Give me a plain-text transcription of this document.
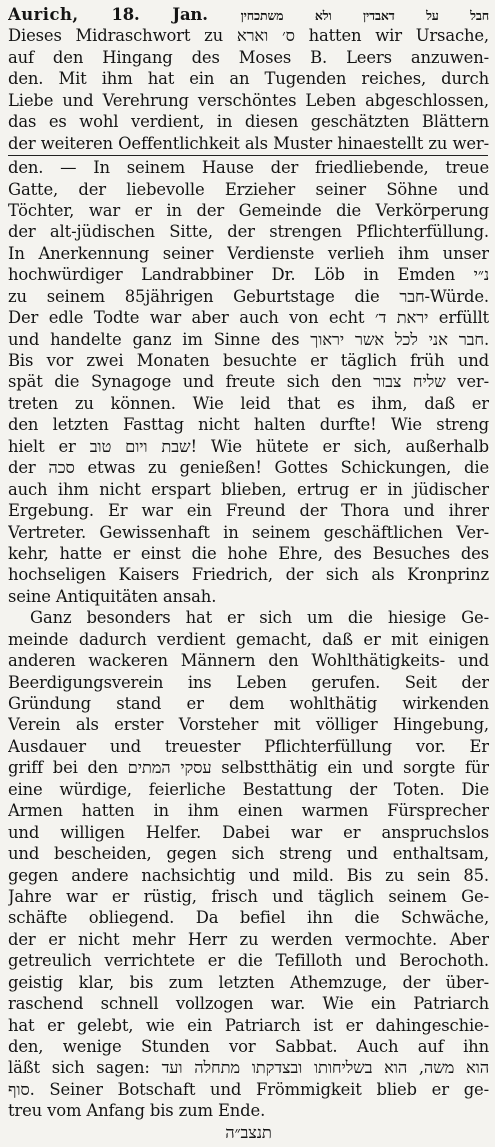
Aurich, 18. Jan.	חבל על דאבדין ולא משתכחין
Dieses Midraschwort zu ס׳ וארא hatten wir Ursache,
auf den Hingang des Moses B. Leers anzuwen-
den. Mit ihm hat ein an Tugenden reiches, durch
Liebe und Verehrung verschöntes Leben abgeschlossen,
das es wohl verdient, in diesen geschätzten Blättern
der weiteren Oeffentlichkeit als Muster hinaestellt zu wer-
den. — In seinem Hause der friedliebende, treue
Gatte, der liebevolle Erzieher seiner Söhne und
Töchter, war er in der Gemeinde die Verkörperung
der alt-jüdischen Sitte, der strengen Pflichterfüllung.
In Anerkennung seiner Verdienste verlieh ihm unser
hochwürdiger Landrabbiner Dr. Löb in Emden נ״י
zu seinem 85jährigen Geburtstage die חבר-Würde.
Der edle Todte war aber auch von echt יראת ד׳ erfüllt
und handelte ganz im Sinne des חבר אני לכל אשר יראוך.
Bis vor zwei Monaten besuchte er täglich früh und
spät die Synagoge und freute sich den שליח צבור ver-
treten zu können. Wie leid that es ihm, daß er
den letzten Fasttag nicht halten durfte! Wie streng
hielt er שבת ויום טוב! Wie hütete er sich, außerhalb
der סכה etwas zu genießen! Gottes Schickungen, die
auch ihm nicht erspart blieben, ertrug er in jüdischer
Ergebung. Er war ein Freund der Thora und ihrer
Vertreter. Gewissenhaft in seinem geschäftlichen Ver-
kehr, hatte er einst die hohe Ehre, des Besuches des
hochseligen Kaisers Friedrich, der sich als Kronprinz
seine Antiquitäten ansah.
Ganz besonders hat er sich um die hiesige Ge-
meinde dadurch verdient gemacht, daß er mit einigen
anderen wackeren Männern den Wohlthätigkeits- und
Beerdigungsverein ins Leben gerufen. Seit der
Gründung stand er dem wohlthätig wirkenden
Verein als erster Vorsteher mit völliger Hingebung,
Ausdauer und treuester Pflichterfüllung vor. Er
griff bei den עסקי המתים selbstthätig ein und sorgte für
eine würdige, feierliche Bestattung der Toten. Die
Armen hatten in ihm einen warmen Fürsprecher
und willigen Helfer. Dabei war er anspruchslos
und bescheiden, gegen sich streng und enthaltsam,
gegen andere nachsichtig und mild. Bis zu sein 85.
Jahre war er rüstig, frisch und täglich seinem Ge-
schäfte obliegend. Da befiel ihn die Schwäche,
der er nicht mehr Herr zu werden vermochte. Aber
getreulich verrichtete er die Tefilloth und Berochoth.
geistig klar, bis zum letzten Athemzuge, der über-
raschend schnell vollzogen war. Wie ein Patriarch
hat er gelebt, wie ein Patriarch ist er dahingeschie-
den, wenige Stunden vor Sabbat. Auch auf ihn
läßt sich sagen: הוא משה, הוא בשליחותו ובצדקתו מתחלה ועד
סוף. Seiner Botschaft und Frömmigkeit blieb er ge-
treu vom Anfang bis zum Ende.
תנצב״ה
